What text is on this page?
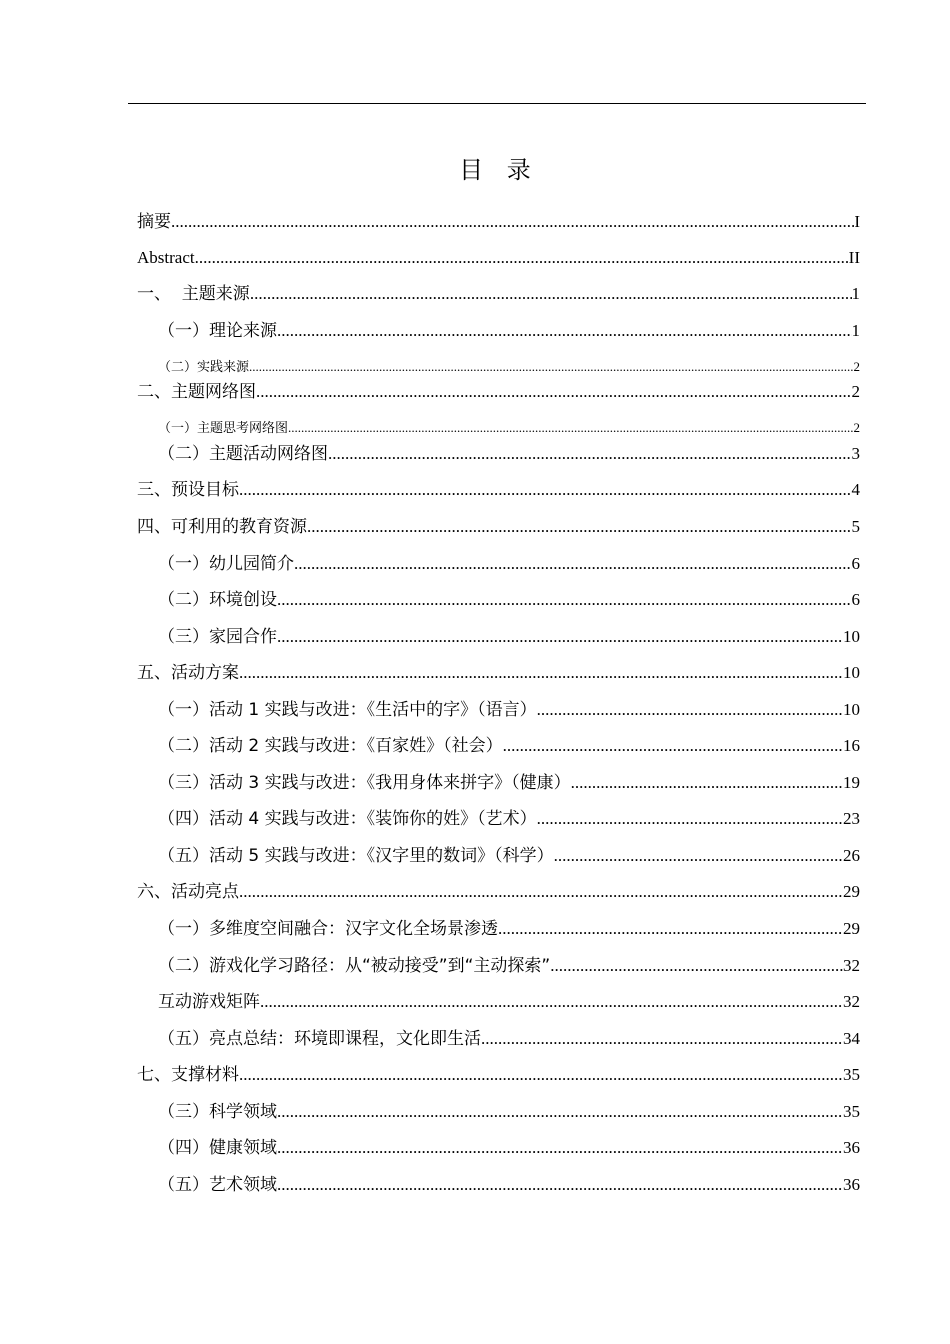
目 录
摘要 .....	I
Abstract .....	II
一、  主题来源 .....	1
（一）理论来源 .....	1
（二）实践来源 .....	2
二、主题网络图 .....	2
（一）主题思考网络图 .....	2
（二）主题活动网络图 .....	3
三、预设目标 .....	4
四、可利用的教育资源 .....	5
（一）幼儿园简介 .....	6
（二）环境创设 .....	6
（三）家园合作 .....	10
五、活动方案 .....	10
（一）活动 1 实践与改进：《生活中的字》（语言） .....	10
（二）活动 2 实践与改进：《百家姓》（社会） .....	16
（三）活动 3 实践与改进：《我用身体来拼字》（健康） .....	19
（四）活动 4 实践与改进：《装饰你的姓》（艺术） .....	23
（五）活动 5 实践与改进：《汉字里的数词》（科学） .....	26
六、活动亮点 .....	29
（一）多维度空间融合：汉字文化全场景渗透 .....	29
（二）游戏化学习路径：从“被动接受”到“主动探索” .....	32
互动游戏矩阵 .....	32
（五）亮点总结：环境即课程，文化即生活 .....	34
七、支撑材料 .....	35
（三）科学领域 .....	35
（四）健康领域 .....	36
（五）艺术领域 .....	36
